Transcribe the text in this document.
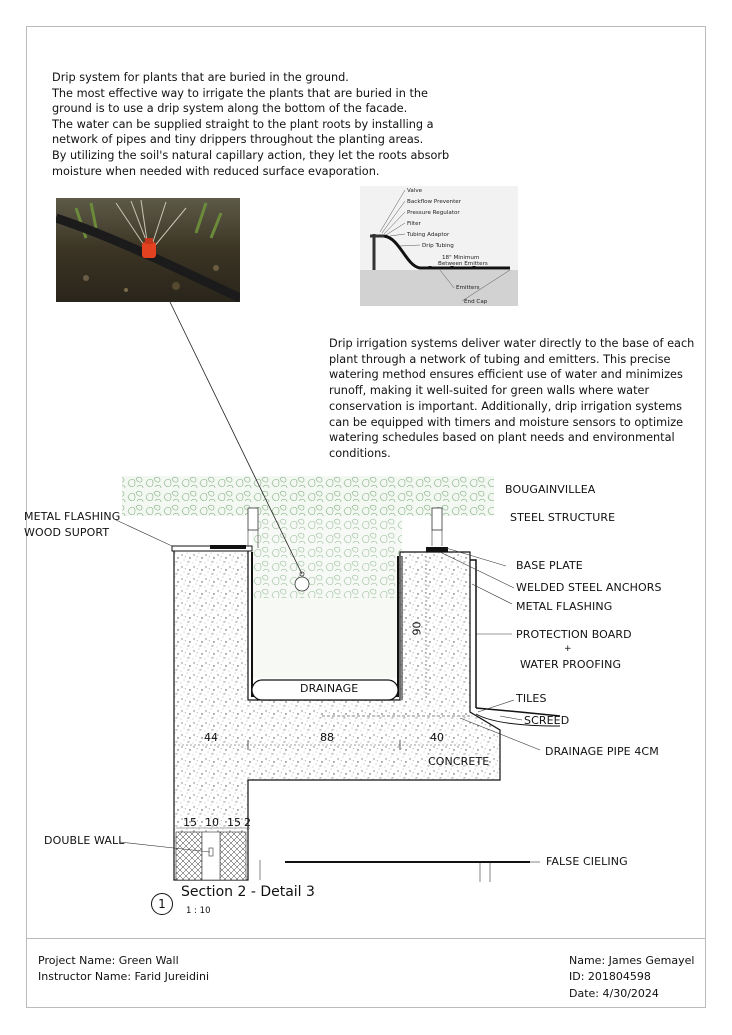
Drip system for plants that are buried in the ground.

The most effective way to irrigate the plants that are buried in the

ground is to use a drip system along the bottom of the facade.

The water can be supplied straight to the plant roots by installing a

network of pipes and tiny drippers throughout the planting areas.

By utilizing the soil's natural capillary action, they let the roots absorb

moisture when needed with reduced surface evaporation.

Valve
Backflow Preventer
Pressure Regulator
Filter
Tubing Adaptor
Drip Tubing
18" Minimum
Between Emitters
Emitters
End Cap
Drip irrigation systems deliver water directly to the base of each plant through a network of tubing and emitters. This precise watering method ensures efficient use of water and minimizes runoff, making it well-suited for green walls where water conservation is important. Additionally, drip irrigation systems can be equipped with timers and moisture sensors to optimize watering schedules based on plant needs and environmental conditions.
BOUGAINVILLEA
STEEL STRUCTURE
METAL FLASHING
WOOD SUPORT
BASE PLATE
WELDED STEEL ANCHORS
METAL FLASHING
PROTECTION BOARD
+
WATER PROOFING
TILES
SCREED
DRAINAGE PIPE 4CM
DRAINAGE
CONCRETE
DOUBLE WALL
FALSE CIELING
90
44	88	40
15 10 15 2
1
Section 2 - Detail 3
1 : 10
Project Name: Green Wall
Instructor Name: Farid Jureidini
Name: James Gemayel
ID: 201804598
Date: 4/30/2024
